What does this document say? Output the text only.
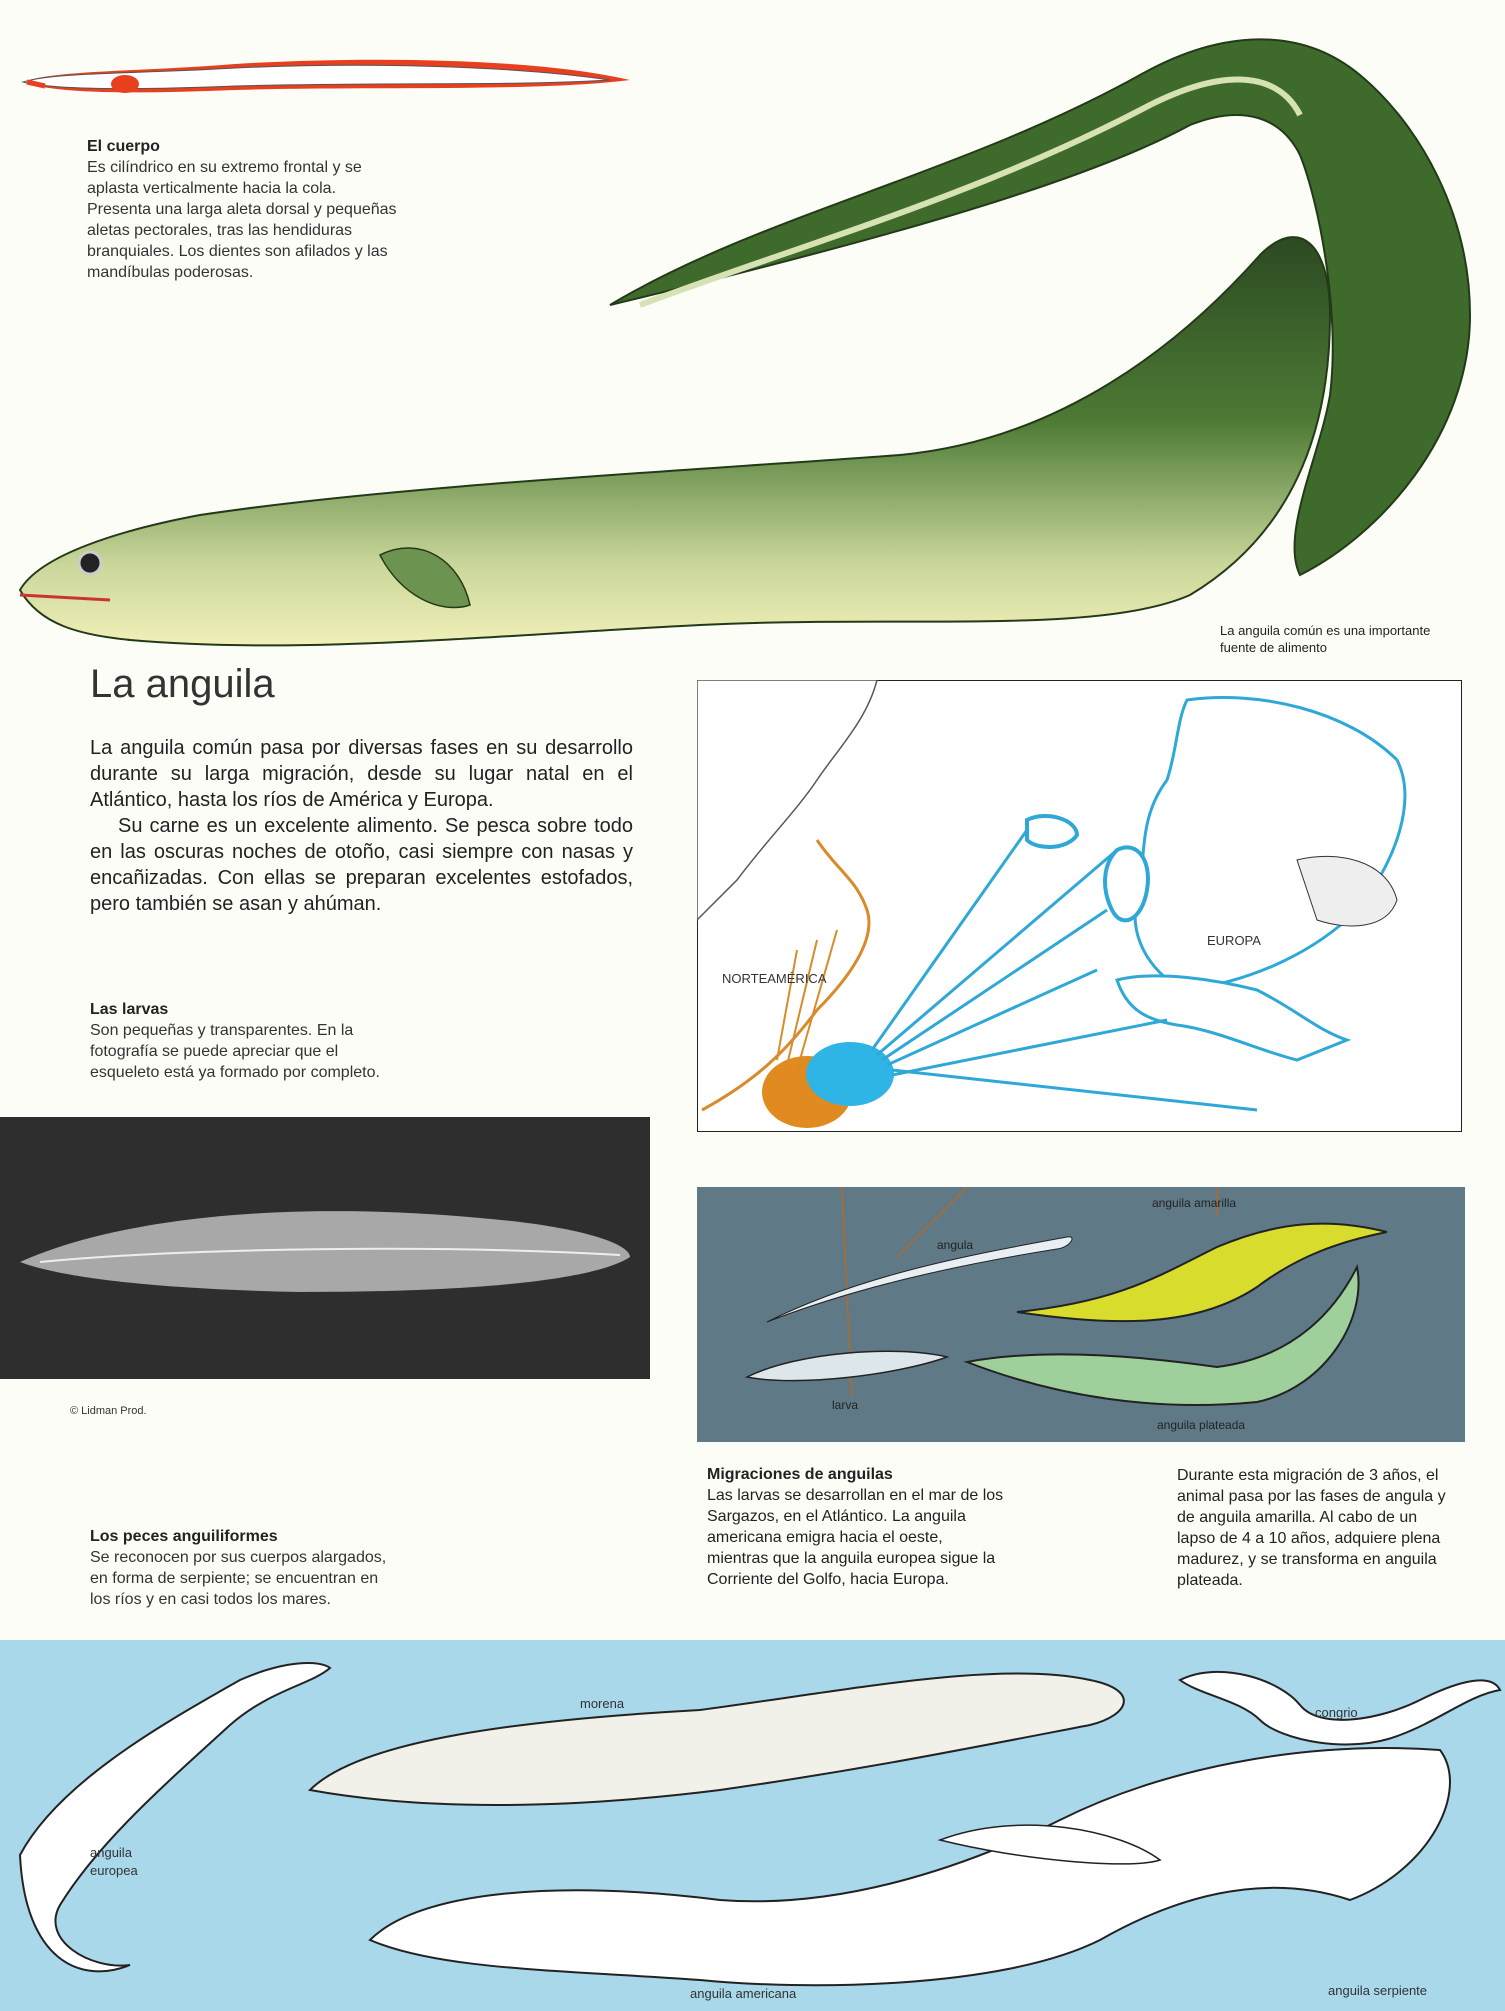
El cuerpo
Es cilíndrico en su extremo frontal y se aplasta verticalmente hacia la cola. Presenta una larga aleta dorsal y pequeñas aletas pectorales, tras las hendiduras branquiales. Los dientes son afilados y las mandíbulas poderosas.
La anguila común es una importante fuente de alimento
La anguila
La anguila común pasa por diversas fases en su desarrollo durante su larga migración, desde su lugar natal en el Atlántico, hasta los ríos de América y Europa.
Su carne es un excelente alimento. Se pesca sobre todo en las oscuras noches de otoño, casi siempre con nasas y encañizadas. Con ellas se preparan excelentes estofados, pero también se asan y ahúman.
Las larvas
Son pequeñas y transparentes. En la fotografía se puede apreciar que el esqueleto está ya formado por completo.
© Lidman Prod.
NORTEAMÉRICA
EUROPA
angula
anguila amarilla
larva
anguila plateada
Migraciones de anguilas
Las larvas se desarrollan en el mar de los Sargazos, en el Atlántico. La anguila americana emigra hacia el oeste, mientras que la anguila europea sigue la Corriente del Golfo, hacia Europa.
Durante esta migración de 3 años, el animal pasa por las fases de angula y de anguila amarilla. Al cabo de un lapso de 4 a 10 años, adquiere plena madurez, y se transforma en anguila plateada.
Los peces anguiliformes
Se reconocen por sus cuerpos alargados, en forma de serpiente; se encuentran en los ríos y en casi todos los mares.
morena
congrio
anguila
europea
anguila americana	anguila serpiente
